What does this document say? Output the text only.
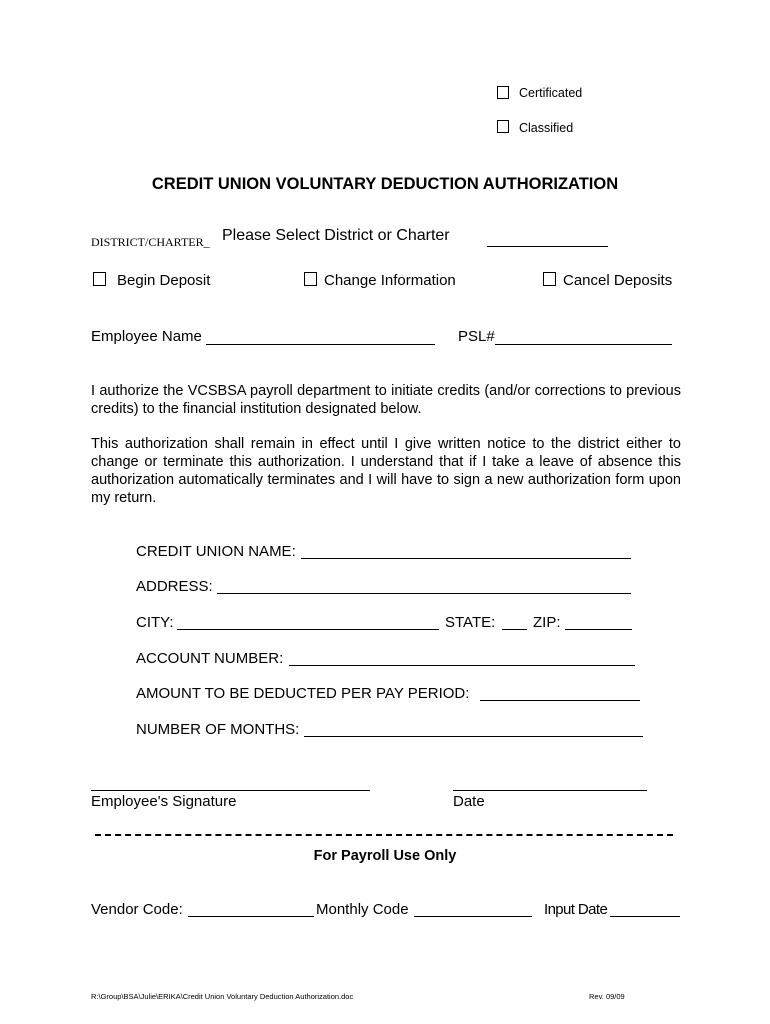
Certificated
Classified
CREDIT UNION VOLUNTARY DEDUCTION AUTHORIZATION
DISTRICT/CHARTER_ Please Select District or Charter
Begin Deposit	Change Information	Cancel Deposits
Employee Name	PSL#
I authorize the VCSBSA payroll department to initiate credits (and/or corrections to previous credits) to the financial institution designated below.
This authorization shall remain in effect until I give written notice to the district either to change or terminate this authorization. I understand that if I take a leave of absence this authorization automatically terminates and I will have to sign a new authorization form upon my return.
CREDIT UNION NAME:
ADDRESS:
CITY:	STATE:	ZIP:
ACCOUNT NUMBER:
AMOUNT TO BE DEDUCTED PER PAY PERIOD:
NUMBER OF MONTHS:
Employee's Signature	Date
For Payroll Use Only
Vendor Code:	Monthly Code	Input Date
R:\Group\BSA\Julie\ERIKA\Credit Union Voluntary Deduction Authorization.doc	Rev. 09/09
